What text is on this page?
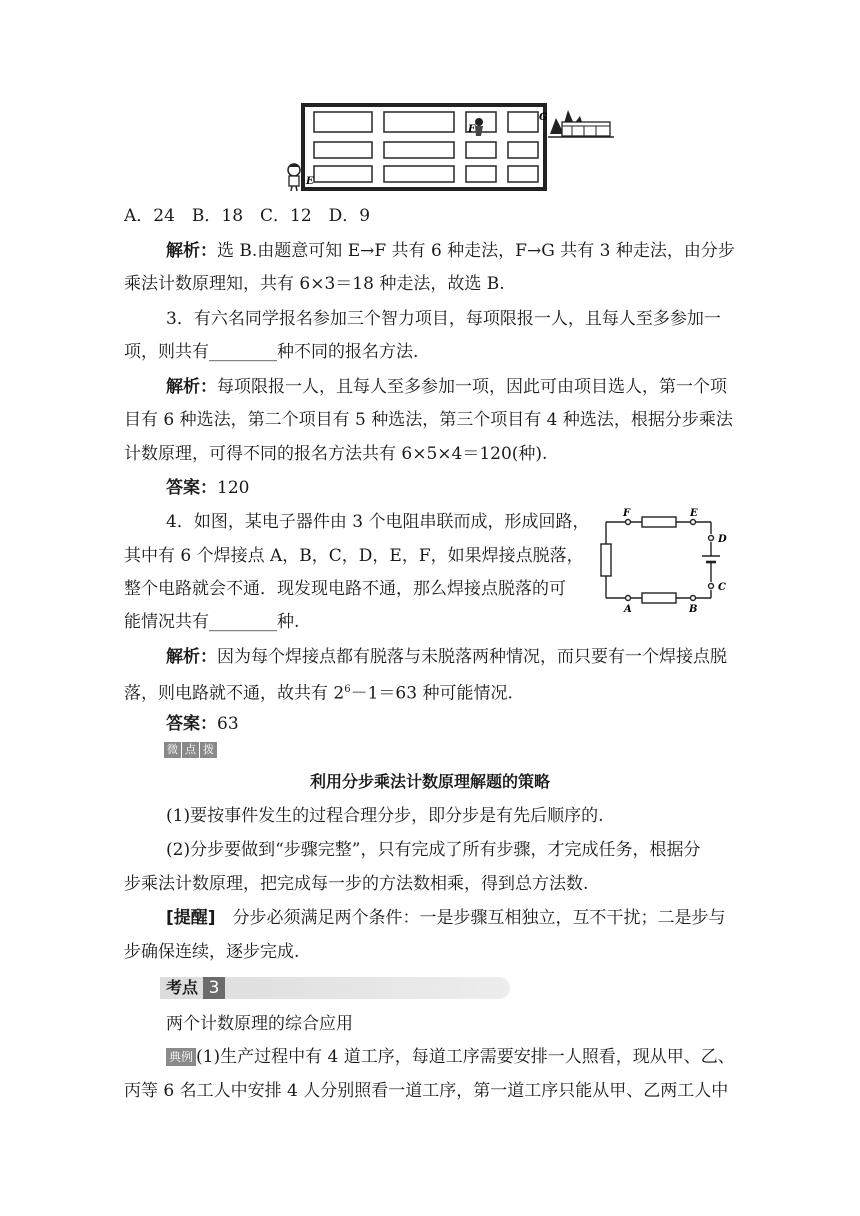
E
F
G
A．24　B．18　C．12　D．9
解析：选 B.由题意可知 E→F 共有 6 种走法，F→G 共有 3 种走法，由分步
乘法计数原理知，共有 6×3＝18 种走法，故选 B.
3．有六名同学报名参加三个智力项目，每项限报一人，且每人至多参加一
项，则共有________种不同的报名方法.
解析：每项限报一人，且每人至多参加一项，因此可由项目选人，第一个项
目有 6 种选法，第二个项目有 5 种选法，第三个项目有 4 种选法，根据分步乘法
计数原理，可得不同的报名方法共有 6×5×4＝120(种).
答案：120
4．如图，某电子器件由 3 个电阻串联而成，形成回路，
其中有 6 个焊接点 A，B，C，D，E，F，如果焊接点脱落，
整个电路就会不通．现发现电路不通，那么焊接点脱落的可
能情况共有________种.
F	E
D
C
A	B
解析：因为每个焊接点都有脱落与未脱落两种情况，而只要有一个焊接点脱
落，则电路就不通，故共有 $2^6-1=63$ 种可能情况.
答案：63
微 点 拨
利用分步乘法计数原理解题的策略
(1)要按事件发生的过程合理分步，即分步是有先后顺序的.
(2)分步要做到“步骤完整”，只有完成了所有步骤，才完成任务，根据分
步乘法计数原理，把完成每一步的方法数相乘，得到总方法数.
[提醒]　分步必须满足两个条件：一是步骤互相独立，互不干扰；二是步与
步确保连续，逐步完成.
考点 3
两个计数原理的综合应用
典例 (1)生产过程中有 4 道工序，每道工序需要安排一人照看，现从甲、乙、
丙等 6 名工人中安排 4 人分别照看一道工序，第一道工序只能从甲、乙两工人中
